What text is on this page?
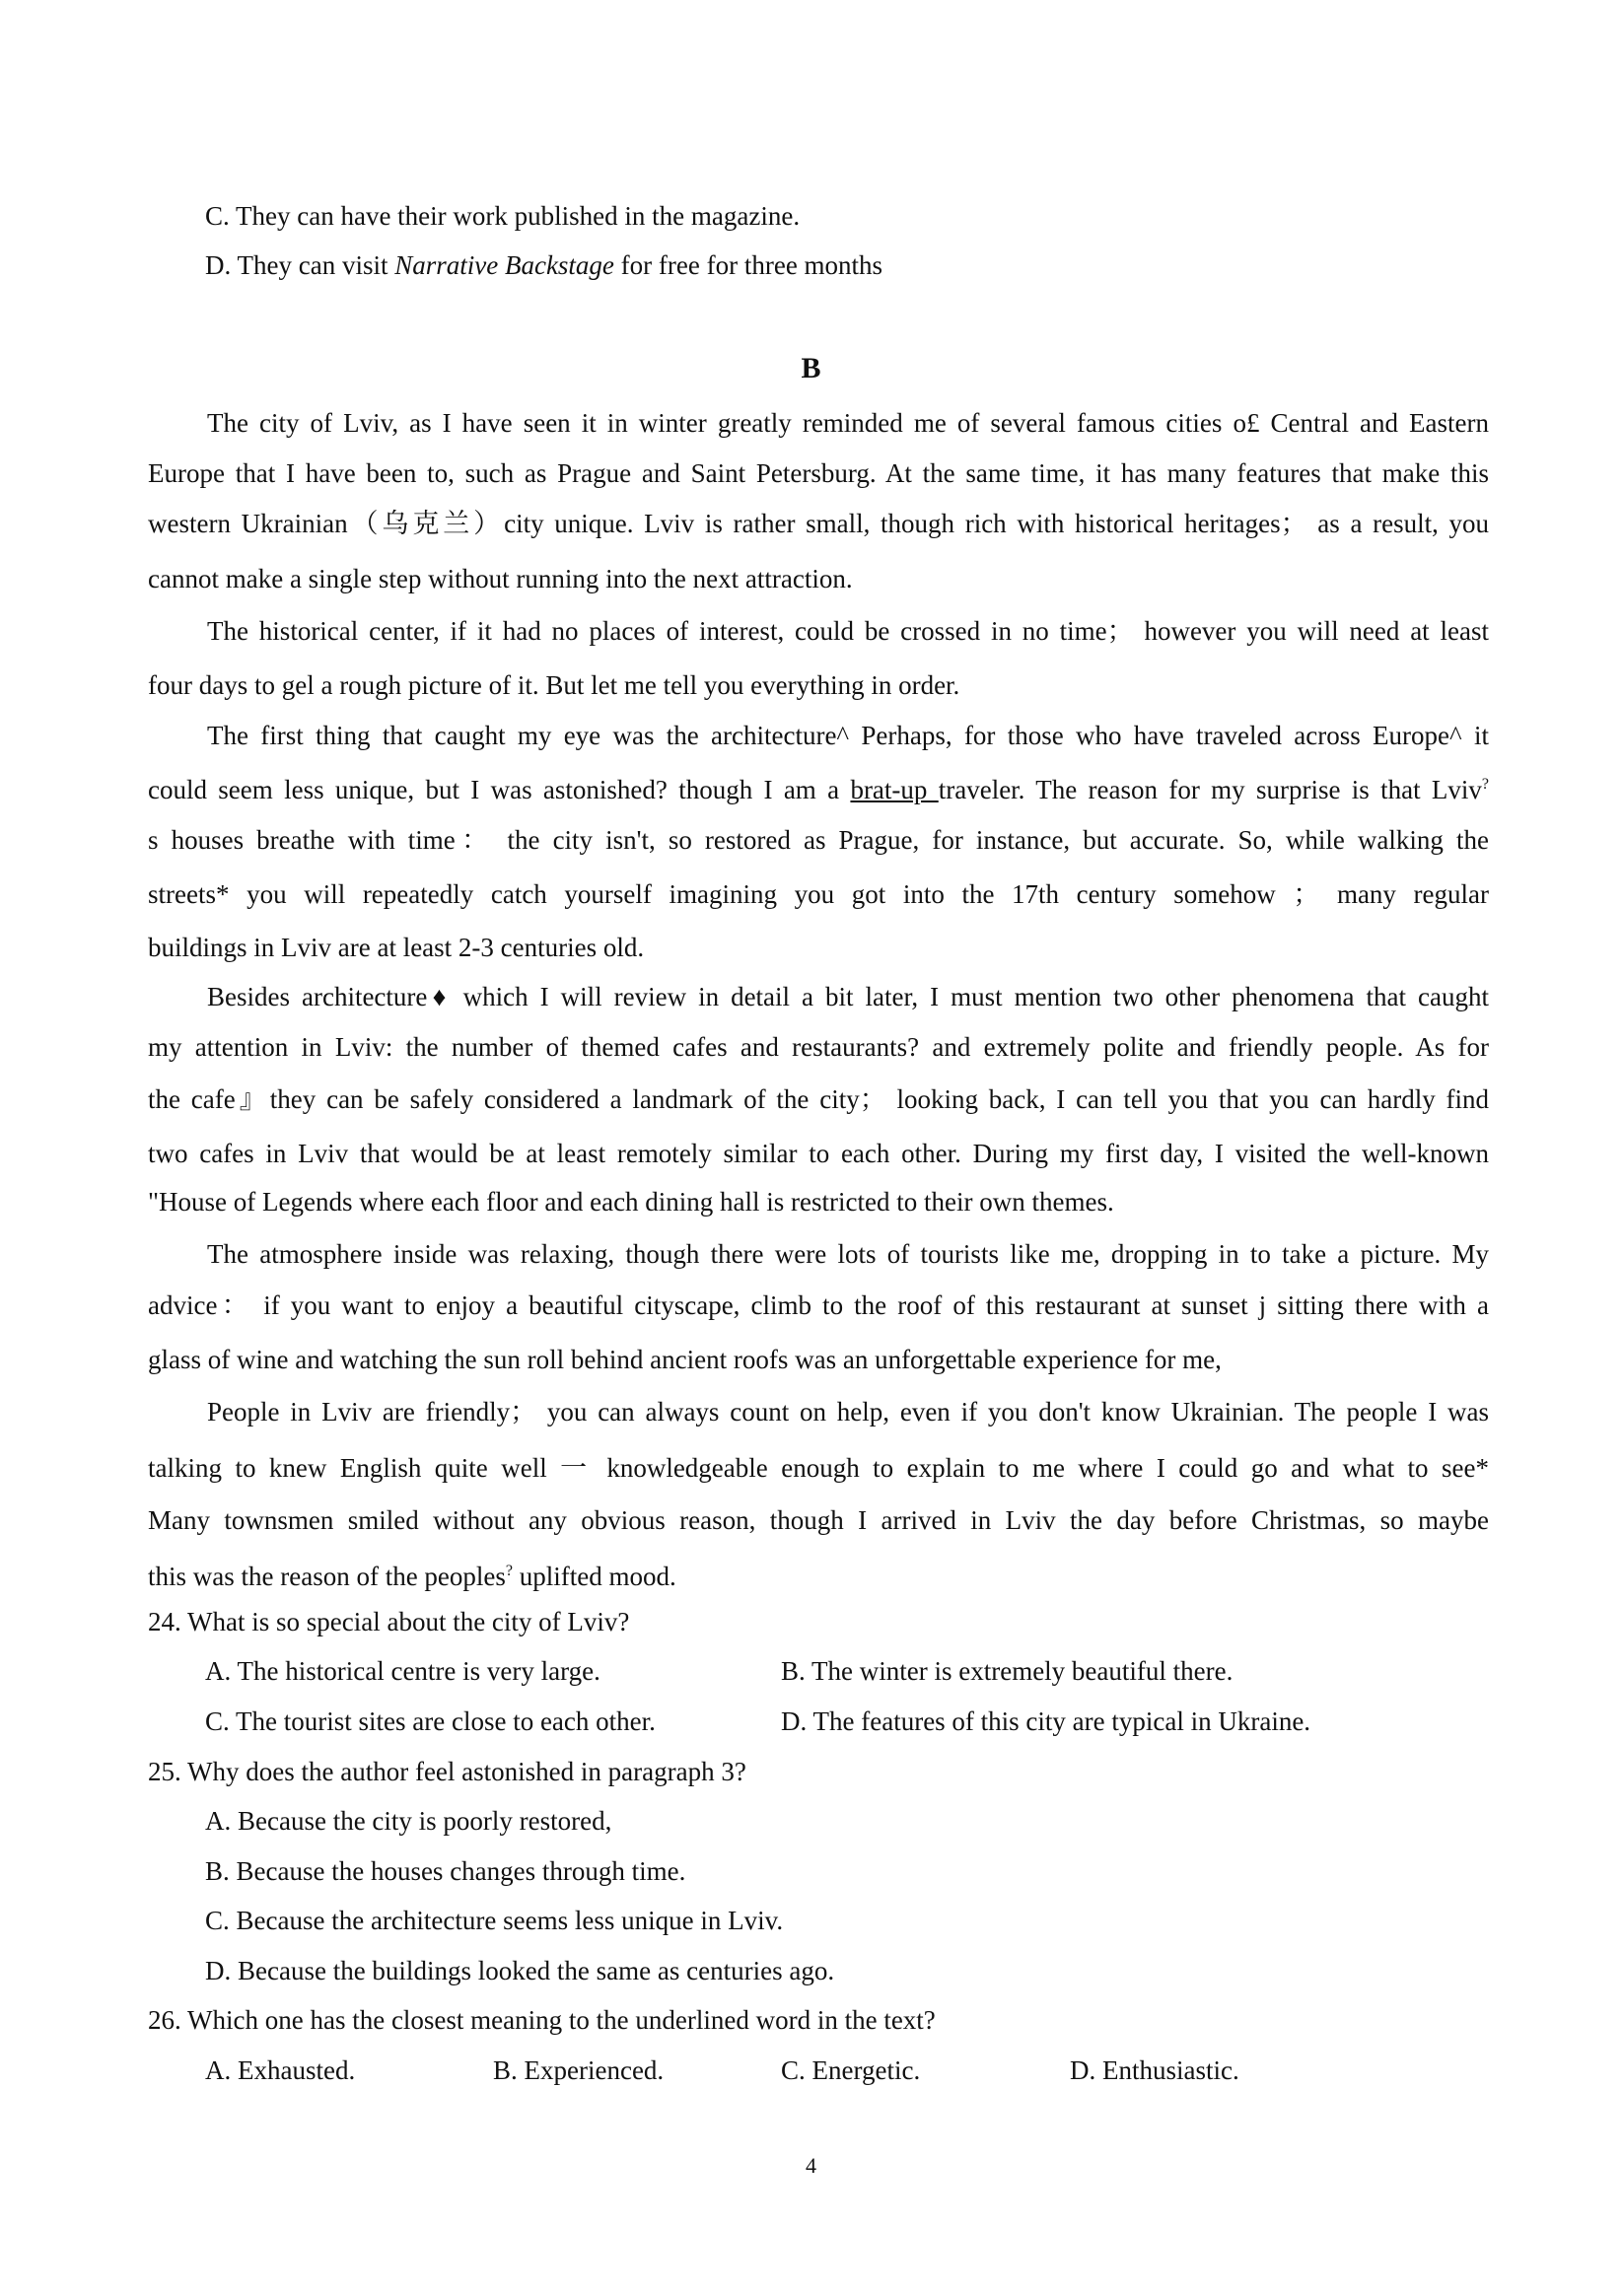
C. They can have their work published in the magazine.
D. They can visit Narrative Backstage for free for three months
B
The city of Lviv, as I have seen it in winter greatly reminded me of several famous cities o£ Central and Eastern
Europe that I have been to, such as Prague and Saint Petersburg. At the same time, it has many features that make this
western Ukrainian（乌克兰）city unique. Lviv is rather small, though rich with historical heritages； as a result, you
cannot make a single step without running into the next attraction.
The historical center, if it had no places of interest, could be crossed in no time； however you will need at least
four days to gel a rough picture of it. But let me tell you everything in order.
The first thing that caught my eye was the architecture^ Perhaps, for those who have traveled across Europe^ it
could seem less unique, but I was astonished? though I am a brat-up traveler. The reason for my surprise is that Lviv?
s houses breathe with time： the city isn't, so restored as Prague, for instance, but accurate. So, while walking the
streets* you will repeatedly catch yourself imagining you got into the 17th century somehow ； many regular
buildings in Lviv are at least 2-3 centuries old.
Besides architecture♦ which I will review in detail a bit later, I must mention two other phenomena that caught
my attention in Lviv: the number of themed cafes and restaurants? and extremely polite and friendly people. As for
the cafe』they can be safely considered a landmark of the city； looking back, I can tell you that you can hardly find
two cafes in Lviv that would be at least remotely similar to each other. During my first day, I visited the well-known
"House of Legends where each floor and each dining hall is restricted to their own themes.
The atmosphere inside was relaxing, though there were lots of tourists like me, dropping in to take a picture. My
advice： if you want to enjoy a beautiful cityscape, climb to the roof of this restaurant at sunset j sitting there with a
glass of wine and watching the sun roll behind ancient roofs was an unforgettable experience for me,
People in Lviv are friendly； you can always count on help, even if you don't know Ukrainian. The people I was
talking to knew English quite well 一 knowledgeable enough to explain to me where I could go and what to see*
Many townsmen smiled without any obvious reason, though I arrived in Lviv the day before Christmas, so maybe
this was the reason of the peoples? uplifted mood.
24. What is so special about the city of Lviv?
A. The historical centre is very large.	B. The winter is extremely beautiful there.
C. The tourist sites are close to each other.	D. The features of this city are typical in Ukraine.
25. Why does the author feel astonished in paragraph 3?
A. Because the city is poorly restored,
B. Because the houses changes through time.
C. Because the architecture seems less unique in Lviv.
D. Because the buildings looked the same as centuries ago.
26. Which one has the closest meaning to the underlined word in the text?
A. Exhausted.	B. Experienced.	C. Energetic.	D. Enthusiastic.
4
